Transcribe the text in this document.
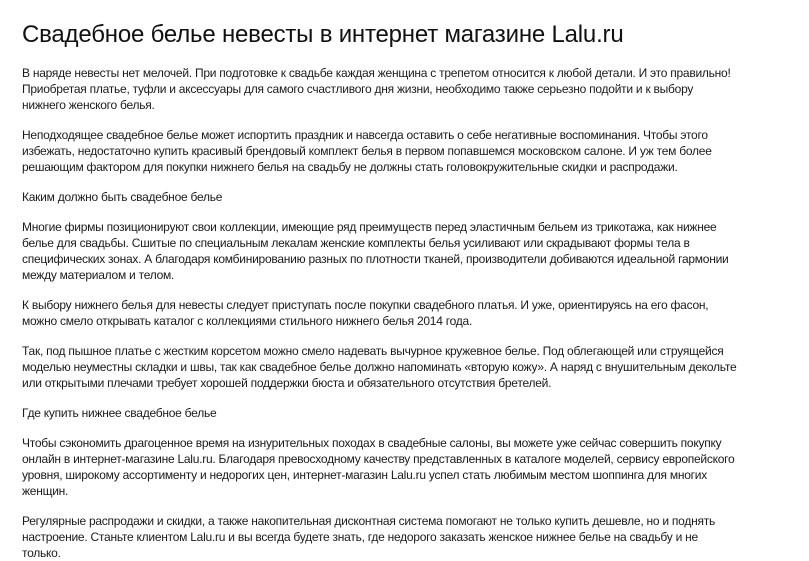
Свадебное белье невесты в интернет магазине Lalu.ru
В наряде невесты нет мелочей. При подготовке к свадьбе каждая женщина с трепетом относится к любой детали. И это правильно!
Приобретая платье, туфли и аксессуары для самого счастливого дня жизни, необходимо также серьезно подойти и к выбору
нижнего женского белья.
Неподходящее свадебное белье может испортить праздник и навсегда оставить о себе негативные воспоминания. Чтобы этого
избежать, недостаточно купить красивый брендовый комплект белья в первом попавшемся московском салоне. И уж тем более
решающим фактором для покупки нижнего белья на свадьбу не должны стать головокружительные скидки и распродажи.
Каким должно быть свадебное белье
Многие фирмы позиционируют свои коллекции, имеющие ряд преимуществ перед эластичным бельем из трикотажа, как нижнее
белье для свадьбы. Сшитые по специальным лекалам женские комплекты белья усиливают или скрадывают формы тела в
специфических зонах. А благодаря комбинированию разных по плотности тканей, производители добиваются идеальной гармонии
между материалом и телом.
К выбору нижнего белья для невесты следует приступать после покупки свадебного платья. И уже, ориентируясь на его фасон,
можно смело открывать каталог с коллекциями стильного нижнего белья 2014 года.
Так, под пышное платье с жестким корсетом можно смело надевать вычурное кружевное белье. Под облегающей или струящейся
моделью неуместны складки и швы, так как свадебное белье должно напоминать «вторую кожу». А наряд с внушительным декольте
или открытыми плечами требует хорошей поддержки бюста и обязательного отсутствия бретелей.
Где купить нижнее свадебное белье
Чтобы сэкономить драгоценное время на изнурительных походах в свадебные салоны, вы можете уже сейчас совершить покупку
онлайн в интернет-магазине Lalu.ru. Благодаря превосходному качеству представленных в каталоге моделей, сервису европейского
уровня, широкому ассортименту и недорогих цен, интернет-магазин Lalu.ru успел стать любимым местом шоппинга для многих
женщин.
Регулярные распродажи и скидки, а также накопительная дисконтная система помогают не только купить дешевле, но и поднять
настроение. Станьте клиентом Lalu.ru и вы всегда будете знать, где недорого заказать женское нижнее белье на свадьбу и не
только.
